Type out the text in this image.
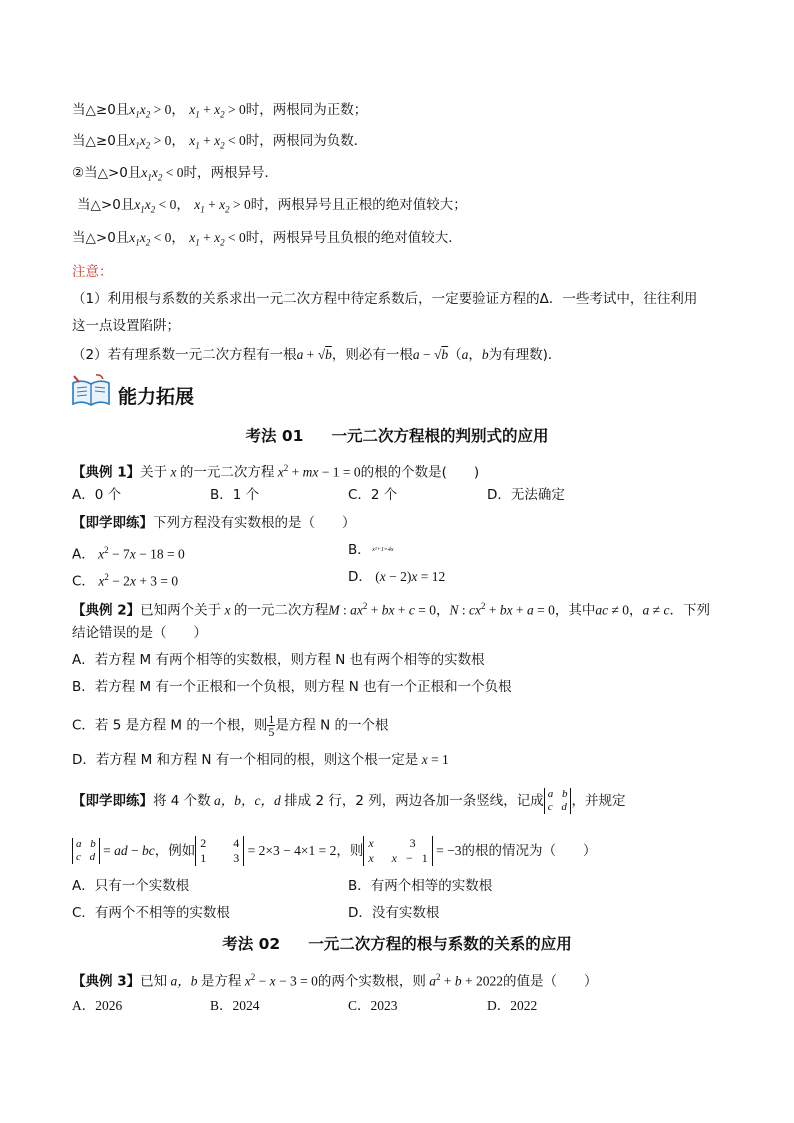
当△≥0且$x_1x_2 > 0$， $x_1 + x_2 > 0$时，两根同为正数；
当△≥0且$x_1x_2 > 0$， $x_1 + x_2 < 0$时，两根同为负数．
②当△>0且$x_1x_2 < 0$时，两根异号．
当△>0且$x_1x_2 < 0$， $x_1 + x_2 > 0$时，两根异号且正根的绝对值较大；
当△>0且$x_1x_2 < 0$， $x_1 + x_2 < 0$时，两根异号且负根的绝对值较大．
注意：
（1）利用根与系数的关系求出一元二次方程中待定系数后，一定要验证方程的Δ．一些考试中，往往利用
这一点设置陷阱；
（2）若有理系数一元二次方程有一根a + √b，则必有一根a − √b（a，b为有理数)．
能力拓展
考法 01 一元二次方程根的判别式的应用
【典例 1】关于 x 的一元二次方程 $x^2$ + mx − 1 = 0的根的个数是(　　)
A．0 个	B．1 个	C．2 个	D．无法确定
【即学即练】下列方程没有实数根的是（　　）
A． $x^2 - 7x - 18 = 0$	B． x²+1=4x
C． $x^2 - 2x + 3 = 0$	D． (x − 2)x = 12
【典例 2】已知两个关于 x 的一元二次方程M : $ax^2$ + bx + c = 0，N : $cx^2$ + bx + a = 0，其中ac ≠ 0，a ≠ c．下列
结论错误的是（　　）
A．若方程 M 有两个相等的实数根，则方程 N 也有两个相等的实数根
B．若方程 M 有一个正根和一个负根，则方程 N 也有一个正根和一个负根
C．若 5 是方程 M 的一个根，则 $\frac{1}{5}$ 是方程 N 的一个根
D．若方程 M 和方程 N 有一个相同的根，则这个根一定是 x = 1
【即学即练】将 4 个数 a，b，c，d 排成 2 行，2 列，两边各加一条竖线，记成 a b
c d ，并规定
a b
c d = ad − bc，例如 2   4
1   3 = 2×3 − 4×1 = 2，则 x    3
x x − 1 = −3的根的情况为（　　）
A．只有一个实数根	B．有两个相等的实数根
C．有两个不相等的实数根	D．没有实数根
考法 02 一元二次方程的根与系数的关系的应用
【典例 3】已知 a，b 是方程 $x^2 - x - 3 = 0$的两个实数根，则 $a^2 + b + 2022$的值是（　　）
A．2026	B．2024	C．2023	D．2022
